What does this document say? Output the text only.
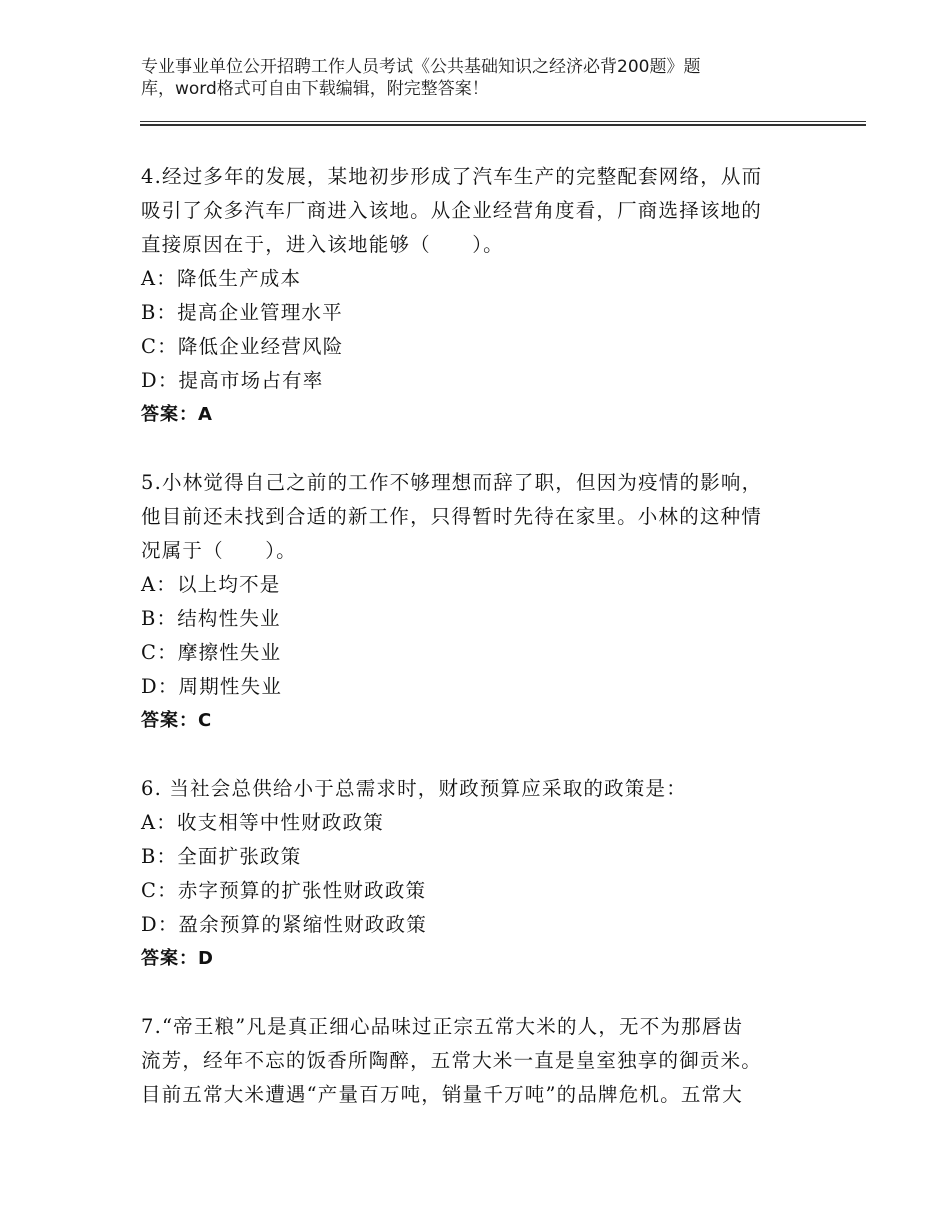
专业事业单位公开招聘工作人员考试《公共基础知识之经济必背200题》题
库，word格式可自由下载编辑，附完整答案！
4.经过多年的发展，某地初步形成了汽车生产的完整配套网络，从而
吸引了众多汽车厂商进入该地。从企业经营角度看，厂商选择该地的
直接原因在于，进入该地能够（　　）。
A：降低生产成本
B：提高企业管理水平
C：降低企业经营风险
D：提高市场占有率
答案：A
5.小林觉得自己之前的工作不够理想而辞了职，但因为疫情的影响，
他目前还未找到合适的新工作，只得暂时先待在家里。小林的这种情
况属于（　　）。
A：以上均不是
B：结构性失业
C：摩擦性失业
D：周期性失业
答案：C
6. 当社会总供给小于总需求时，财政预算应采取的政策是：
A：收支相等中性财政政策
B：全面扩张政策
C：赤字预算的扩张性财政政策
D：盈余预算的紧缩性财政政策
答案：D
7.“帝王粮”凡是真正细心品味过正宗五常大米的人，无不为那唇齿
流芳，经年不忘的饭香所陶醉，五常大米一直是皇室独享的御贡米。
目前五常大米遭遇“产量百万吨，销量千万吨”的品牌危机。五常大
